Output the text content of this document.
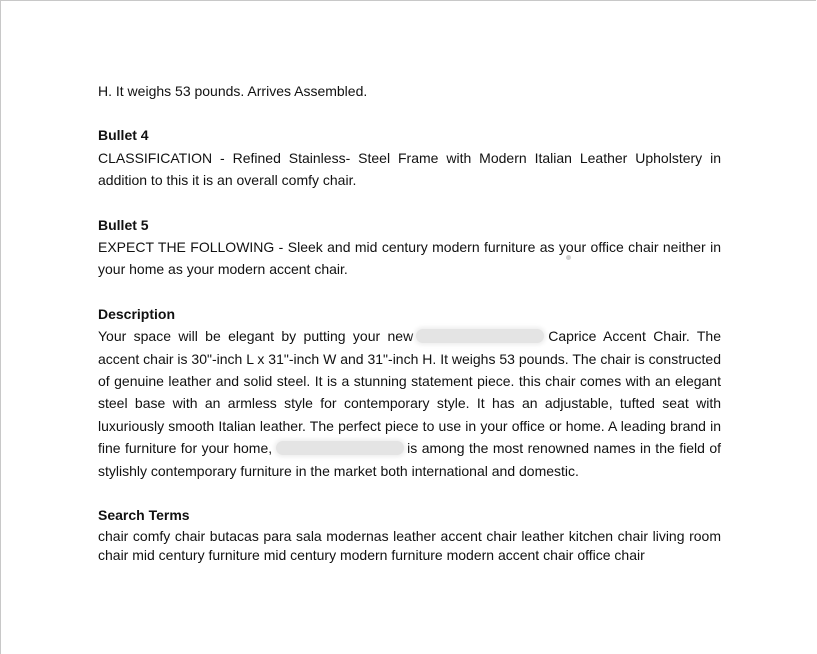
H. It weighs 53 pounds. Arrives Assembled.

Bullet 4

CLASSIFICATION - Refined Stainless- Steel Frame with Modern Italian Leather Upholstery in addition to this it is an overall comfy chair.

Bullet 5

EXPECT THE FOLLOWING - Sleek and mid century modern furniture as your office chair neither in your home as your modern accent chair.

Description

Your space will be elegant by putting your new	Caprice Accent Chair. The accent chair is 30"-inch L x 31"-inch W and 31"-inch H. It weighs 53 pounds. The chair is constructed of genuine leather and solid steel. It is a stunning statement piece. this chair comes with an elegant steel base with an armless style for contemporary style. It has an adjustable, tufted seat with luxuriously smooth Italian leather. The perfect piece to use in your office or home. A leading brand in fine furniture for your home,	is among the most renowned names in the field of stylishly contemporary furniture in the market both international and domestic.

Search Terms

chair comfy chair butacas para sala modernas leather accent chair leather kitchen chair living room chair mid century furniture mid century modern furniture modern accent chair office chair
